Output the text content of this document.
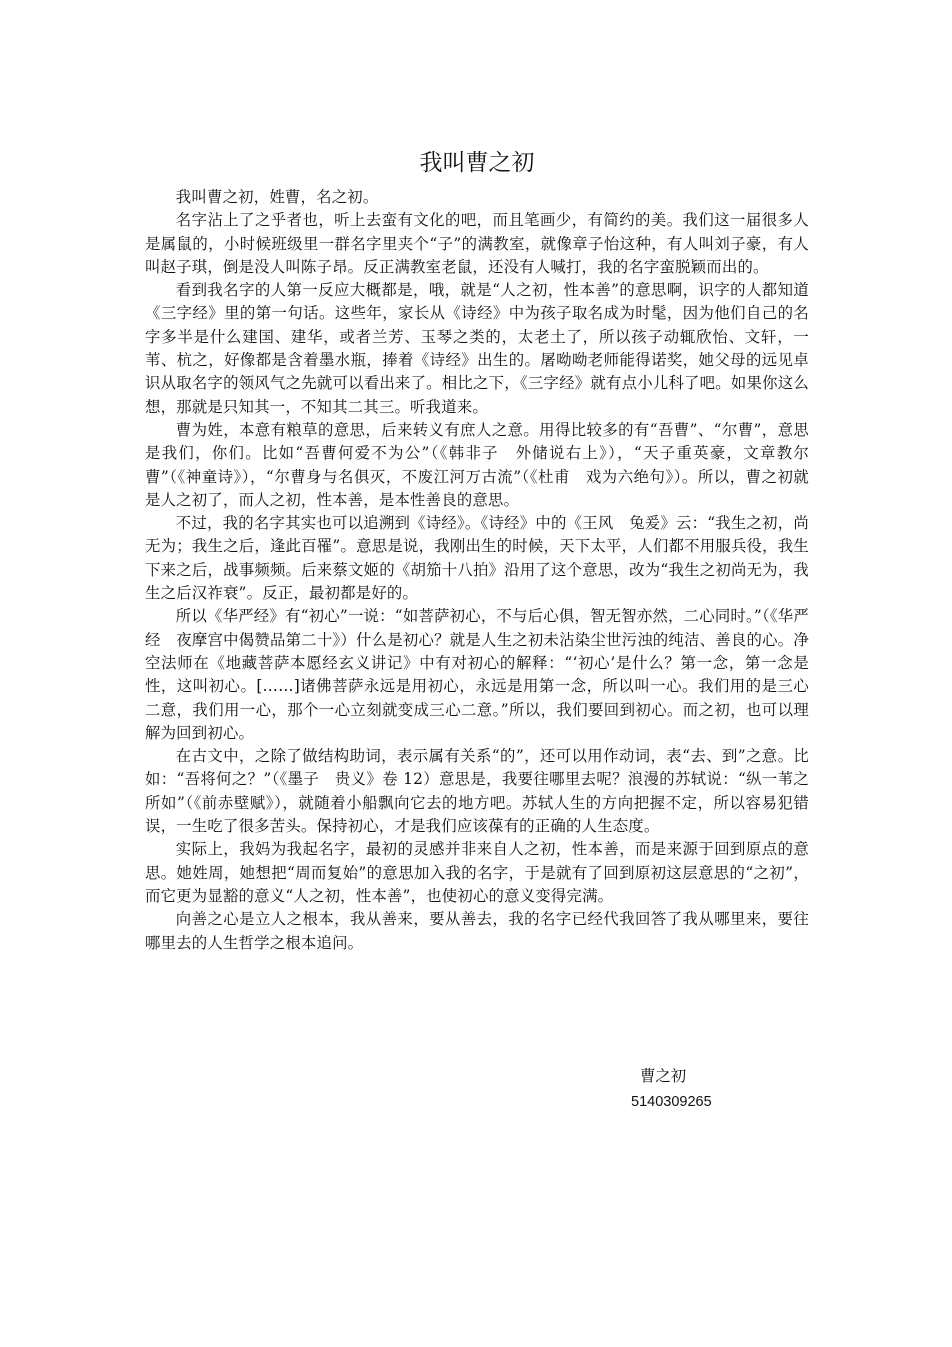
我叫曹之初

我叫曹之初，姓曹，名之初。

名字沾上了之乎者也，听上去蛮有文化的吧，而且笔画少，有简约的美。我们这一届很多人是属鼠的，小时候班级里一群名字里夹个“子”的满教室，就像章子怡这种，有人叫刘子豪，有人叫赵子琪，倒是没人叫陈子昂。反正满教室老鼠，还没有人喊打，我的名字蛮脱颖而出的。

看到我名字的人第一反应大概都是，哦，就是“人之初，性本善”的意思啊，识字的人都知道《三字经》里的第一句话。这些年，家长从《诗经》中为孩子取名成为时髦，因为他们自己的名字多半是什么建国、建华，或者兰芳、玉琴之类的，太老土了，所以孩子动辄欣怡、文轩，一苇、杭之，好像都是含着墨水瓶，捧着《诗经》出生的。屠呦呦老师能得诺奖，她父母的远见卓识从取名字的领风气之先就可以看出来了。相比之下，《三字经》就有点小儿科了吧。如果你这么想，那就是只知其一，不知其二其三。听我道来。

曹为姓，本意有粮草的意思，后来转义有庶人之意。用得比较多的有“吾曹”、“尔曹”，意思是我们，你们。比如“吾曹何爱不为公”（《韩非子　外储说右上》），“天子重英豪，文章教尔曹”（《神童诗》），“尔曹身与名俱灭，不废江河万古流”（《杜甫　戏为六绝句》）。所以，曹之初就是人之初了，而人之初，性本善，是本性善良的意思。

不过，我的名字其实也可以追溯到《诗经》。《诗经》中的《王风　兔爰》云：“我生之初，尚无为；我生之后，逢此百罹”。意思是说，我刚出生的时候，天下太平，人们都不用服兵役，我生下来之后，战事频频。后来蔡文姬的《胡笳十八拍》沿用了这个意思，改为“我生之初尚无为，我生之后汉祚衰”。反正，最初都是好的。

所以《华严经》有“初心”一说：“如菩萨初心，不与后心俱，智无智亦然，二心同时。”（《华严经　夜摩宫中偈赞品第二十》）什么是初心？就是人生之初未沾染尘世污浊的纯洁、善良的心。净空法师在《地藏菩萨本愿经玄义讲记》中有对初心的解释：“‘初心’是什么？第一念，第一念是性，这叫初心。[……]诸佛菩萨永远是用初心，永远是用第一念，所以叫一心。我们用的是三心二意，我们用一心，那个一心立刻就变成三心二意。”所以，我们要回到初心。而之初，也可以理解为回到初心。

在古文中，之除了做结构助词，表示属有关系“的”，还可以用作动词，表“去、到”之意。比如：“吾将何之？”（《墨子　贵义》卷 12）意思是，我要往哪里去呢？浪漫的苏轼说：“纵一苇之所如”（《前赤壁赋》），就随着小船飘向它去的地方吧。苏轼人生的方向把握不定，所以容易犯错误，一生吃了很多苦头。保持初心，才是我们应该葆有的正确的人生态度。

实际上，我妈为我起名字，最初的灵感并非来自人之初，性本善，而是来源于回到原点的意思。她姓周，她想把“周而复始”的意思加入我的名字，于是就有了回到原初这层意思的“之初”，而它更为显豁的意义“人之初，性本善”，也使初心的意义变得完满。

向善之心是立人之根本，我从善来，要从善去，我的名字已经代我回答了我从哪里来，要往哪里去的人生哲学之根本追问。

曹之初
5140309265
